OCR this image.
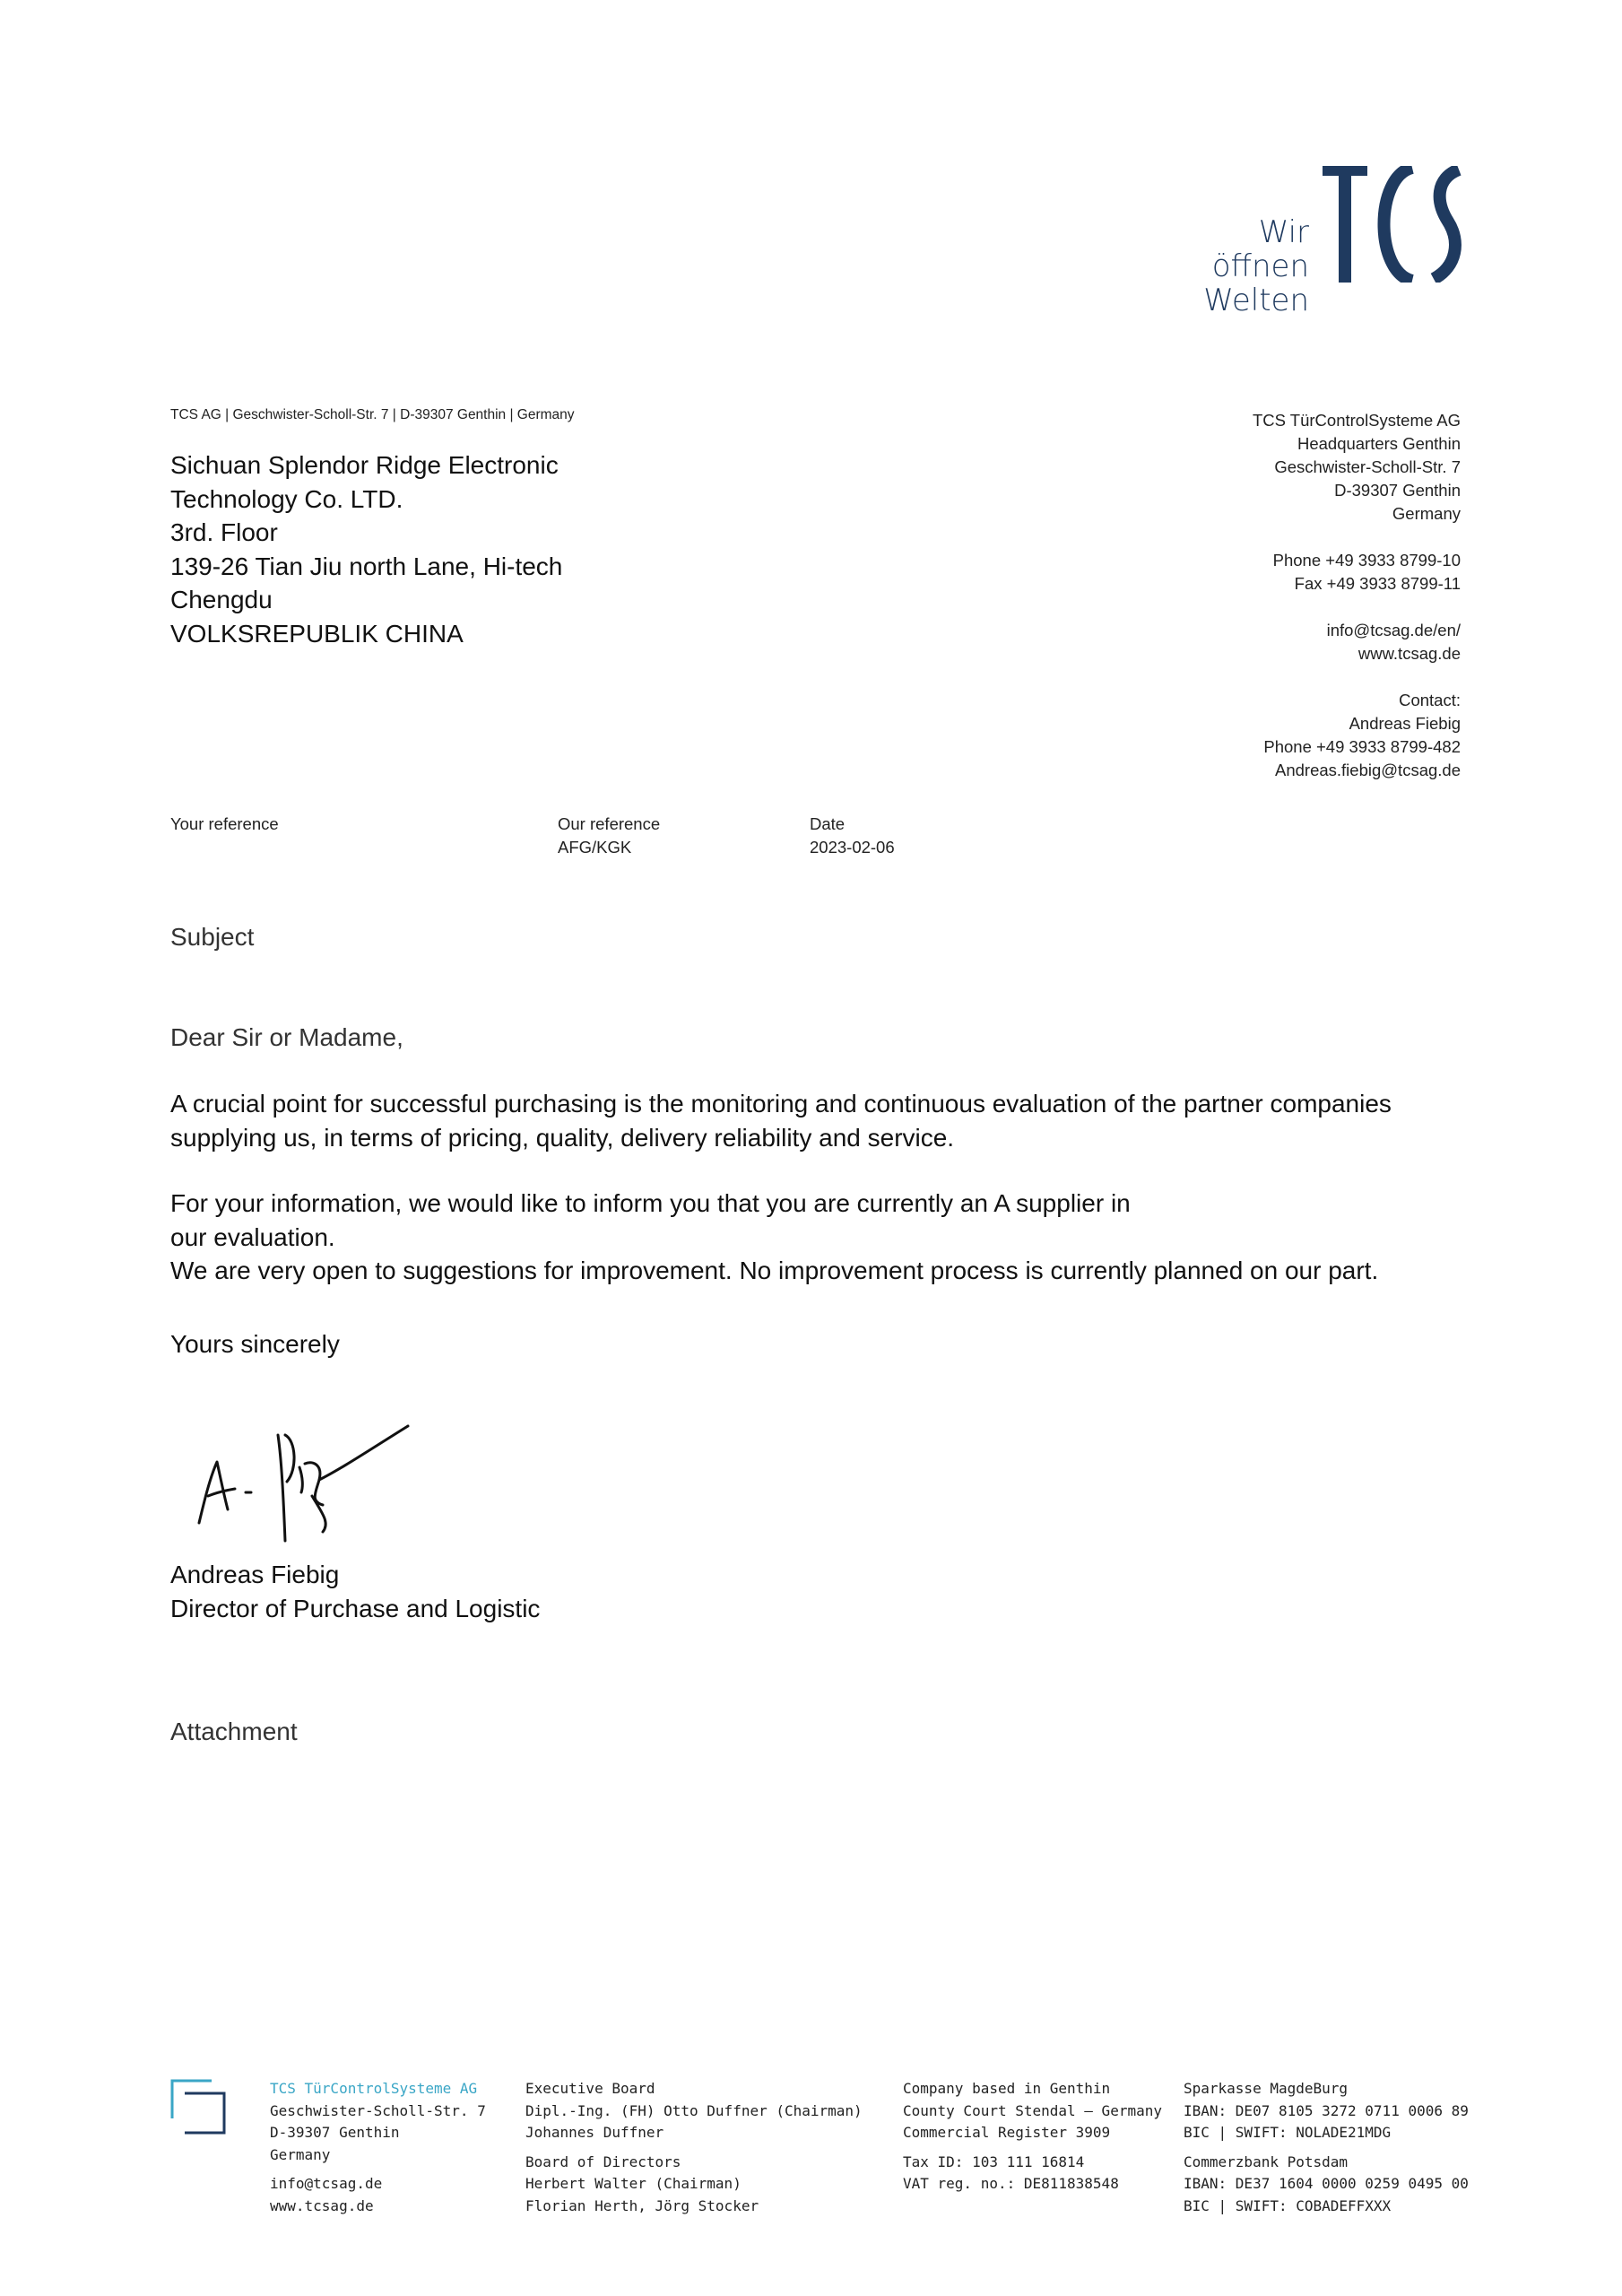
Wir öffnen
Welten
TCS AG | Geschwister-Scholl-Str. 7 | D-39307 Genthin | Germany
Sichuan Splendor Ridge Electronic
Technology Co. LTD.
3rd. Floor
139-26 Tian Jiu north Lane, Hi-tech
Chengdu
VOLKSREPUBLIK CHINA
TCS TürControlSysteme AG
Headquarters Genthin
Geschwister-Scholl-Str. 7
D-39307 Genthin
Germany
Phone +49 3933 8799-10
Fax +49 3933 8799-11
info@tcsag.de/en/
www.tcsag.de
Contact:
Andreas Fiebig
Phone +49 3933 8799-482
Andreas.fiebig@tcsag.de
Your reference	Our reference
AFG/KGK
Date
2023-02-06
Subject
Dear Sir or Madame,
A crucial point for successful purchasing is the monitoring and continuous evaluation of the partner companies supplying us, in terms of pricing, quality, delivery reliability and service.
For your information, we would like to inform you that you are currently an A supplier in
our evaluation.
We are very open to suggestions for improvement. No improvement process is currently planned on our part.
Yours sincerely
Andreas Fiebig
Director of Purchase and Logistic
Attachment
TCS TürControlSysteme AG
Geschwister-Scholl-Str. 7
D-39307 Genthin
Germany
info@tcsag.de
www.tcsag.de
Executive Board
Dipl.-Ing. (FH) Otto Duffner (Chairman)
Johannes Duffner
Board of Directors
Herbert Walter (Chairman)
Florian Herth, Jörg Stocker
Company based in Genthin
County Court Stendal – Germany
Commercial Register 3909
Tax ID: 103 111 16814
VAT reg. no.: DE811838548
Sparkasse MagdeBurg
IBAN: DE07 8105 3272 0711 0006 89
BIC | SWIFT: NOLADE21MDG
Commerzbank Potsdam
IBAN: DE37 1604 0000 0259 0495 00
BIC | SWIFT: COBADEFFXXX
